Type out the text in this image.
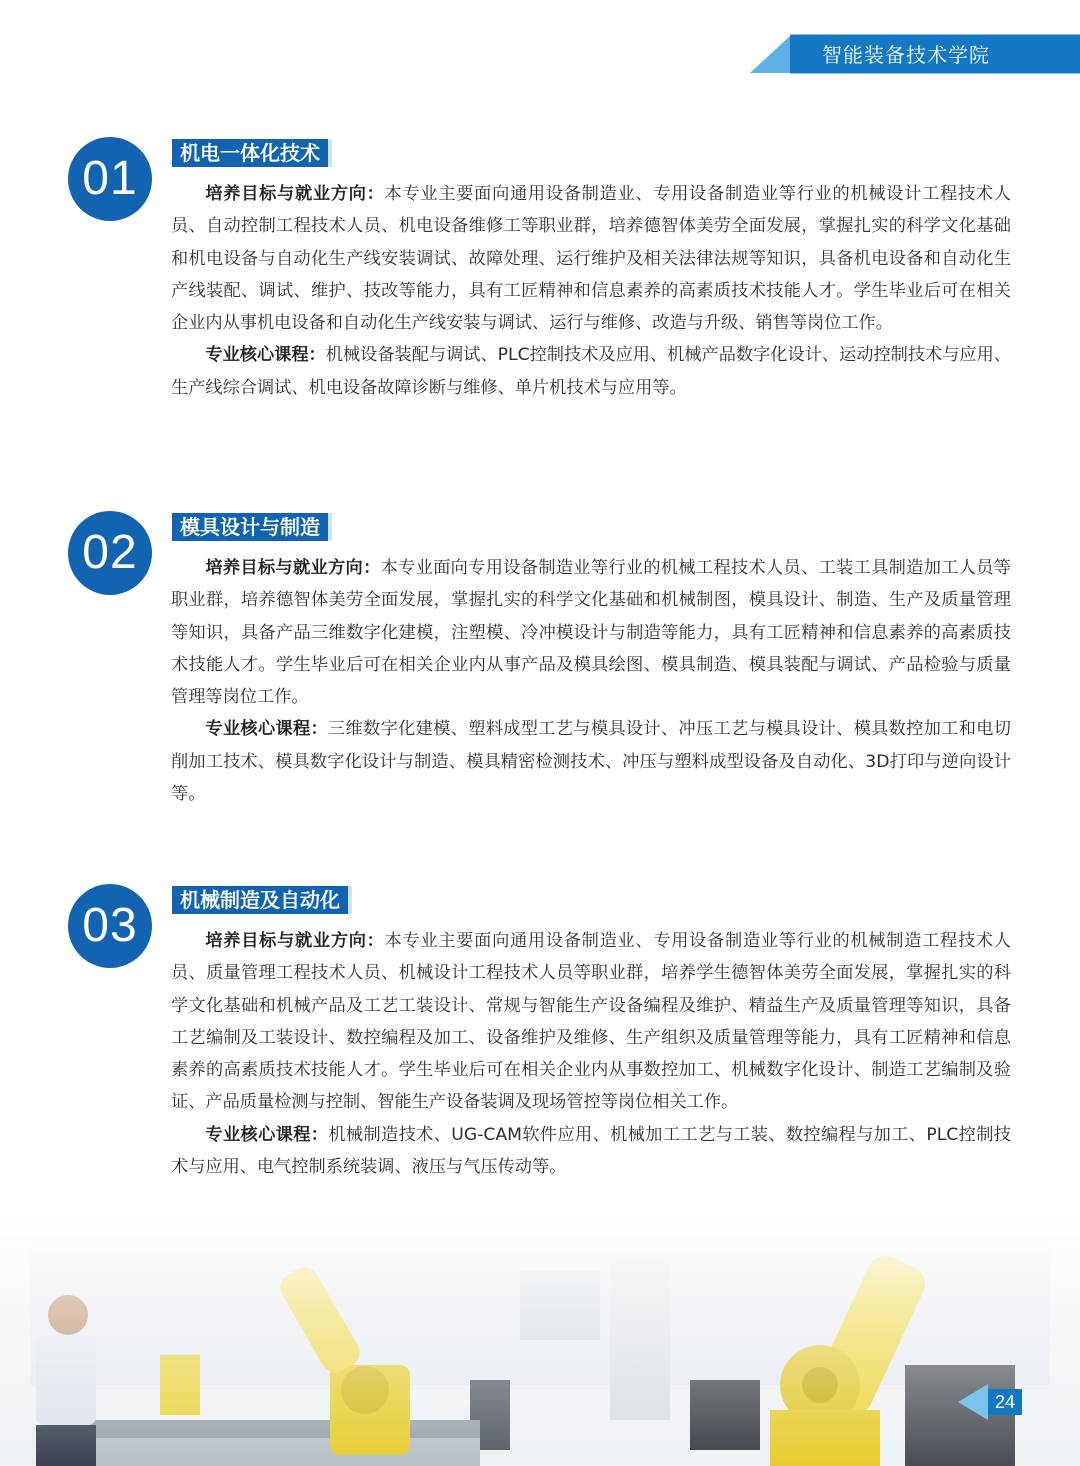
智能装备技术学院
01	机电一体化技术

培养目标与就业方向：本专业主要面向通用设备制造业、专用设备制造业等行业的机械设计工程技术人员、自动控制工程技术人员、机电设备维修工等职业群，培养德智体美劳全面发展，掌握扎实的科学文化基础和机电设备与自动化生产线安装调试、故障处理、运行维护及相关法律法规等知识，具备机电设备和自动化生产线装配、调试、维护、技改等能力，具有工匠精神和信息素养的高素质技术技能人才。学生毕业后可在相关企业内从事机电设备和自动化生产线安装与调试、运行与维修、改造与升级、销售等岗位工作。

专业核心课程：机械设备装配与调试、PLC控制技术及应用、机械产品数字化设计、运动控制技术与应用、生产线综合调试、机电设备故障诊断与维修、单片机技术与应用等。

02	模具设计与制造

培养目标与就业方向：本专业面向专用设备制造业等行业的机械工程技术人员、工装工具制造加工人员等职业群，培养德智体美劳全面发展，掌握扎实的科学文化基础和机械制图，模具设计、制造、生产及质量管理等知识，具备产品三维数字化建模，注塑模、冷冲模设计与制造等能力，具有工匠精神和信息素养的高素质技术技能人才。学生毕业后可在相关企业内从事产品及模具绘图、模具制造、模具装配与调试、产品检验与质量管理等岗位工作。

专业核心课程：三维数字化建模、塑料成型工艺与模具设计、冲压工艺与模具设计、模具数控加工和电切削加工技术、模具数字化设计与制造、模具精密检测技术、冲压与塑料成型设备及自动化、3D打印与逆向设计等。

03	机械制造及自动化

培养目标与就业方向：本专业主要面向通用设备制造业、专用设备制造业等行业的机械制造工程技术人员、质量管理工程技术人员、机械设计工程技术人员等职业群，培养学生德智体美劳全面发展，掌握扎实的科学文化基础和机械产品及工艺工装设计、常规与智能生产设备编程及维护、精益生产及质量管理等知识，具备工艺编制及工装设计、数控编程及加工、设备维护及维修、生产组织及质量管理等能力，具有工匠精神和信息素养的高素质技术技能人才。学生毕业后可在相关企业内从事数控加工、机械数字化设计、制造工艺编制及验证、产品质量检测与控制、智能生产设备装调及现场管控等岗位相关工作。

专业核心课程：机械制造技术、UG-CAM软件应用、机械加工工艺与工装、数控编程与加工、PLC控制技术与应用、电气控制系统装调、液压与气压传动等。

24
